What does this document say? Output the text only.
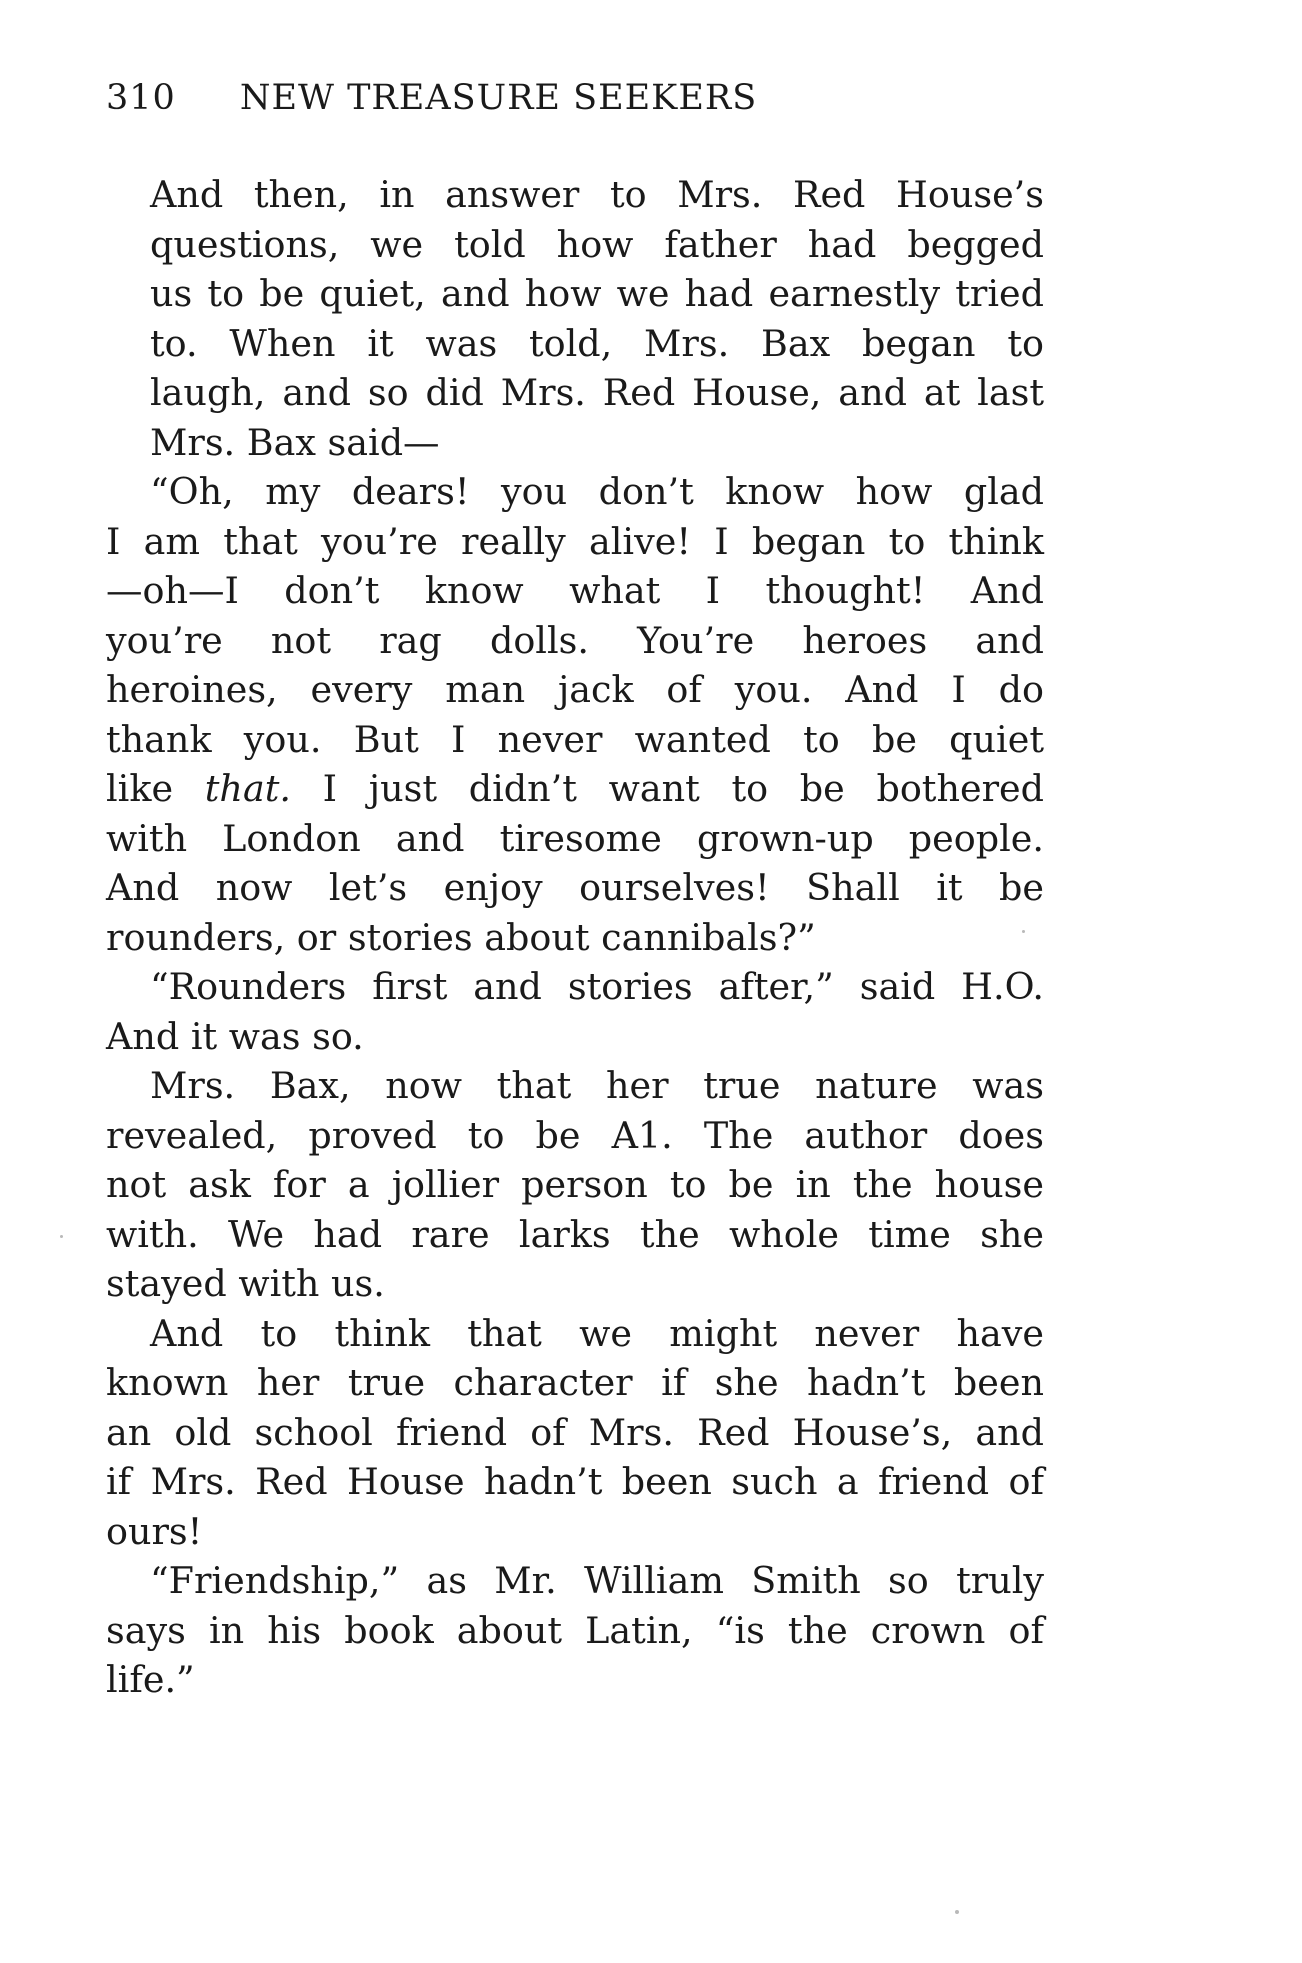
310 NEW TREASURE SEEKERS

And then, in answer to Mrs. Red House’s
questions, we told how father had begged
us to be quiet, and how we had earnestly tried
to. When it was told, Mrs. Bax began to
laugh, and so did Mrs. Red House, and at last
Mrs. Bax said—

“Oh, my dears! you don’t know how glad
I am that you’re really alive! I began to think
—oh—I don’t know what I thought! And
you’re not rag dolls. You’re heroes and
heroines, every man jack of you. And I do
thank you. But I never wanted to be quiet
like that. I just didn’t want to be bothered
with London and tiresome grown-up people.
And now let’s enjoy ourselves! Shall it be
rounders, or stories about cannibals?”

“Rounders first and stories after,” said H.O.
And it was so.

Mrs. Bax, now that her true nature was
revealed, proved to be A1. The author does
not ask for a jollier person to be in the house
with. We had rare larks the whole time she
stayed with us.

And to think that we might never have
known her true character if she hadn’t been
an old school friend of Mrs. Red House’s, and
if Mrs. Red House hadn’t been such a friend of
ours!

“Friendship,” as Mr. William Smith so truly
says in his book about Latin, “is the crown of
life.”
